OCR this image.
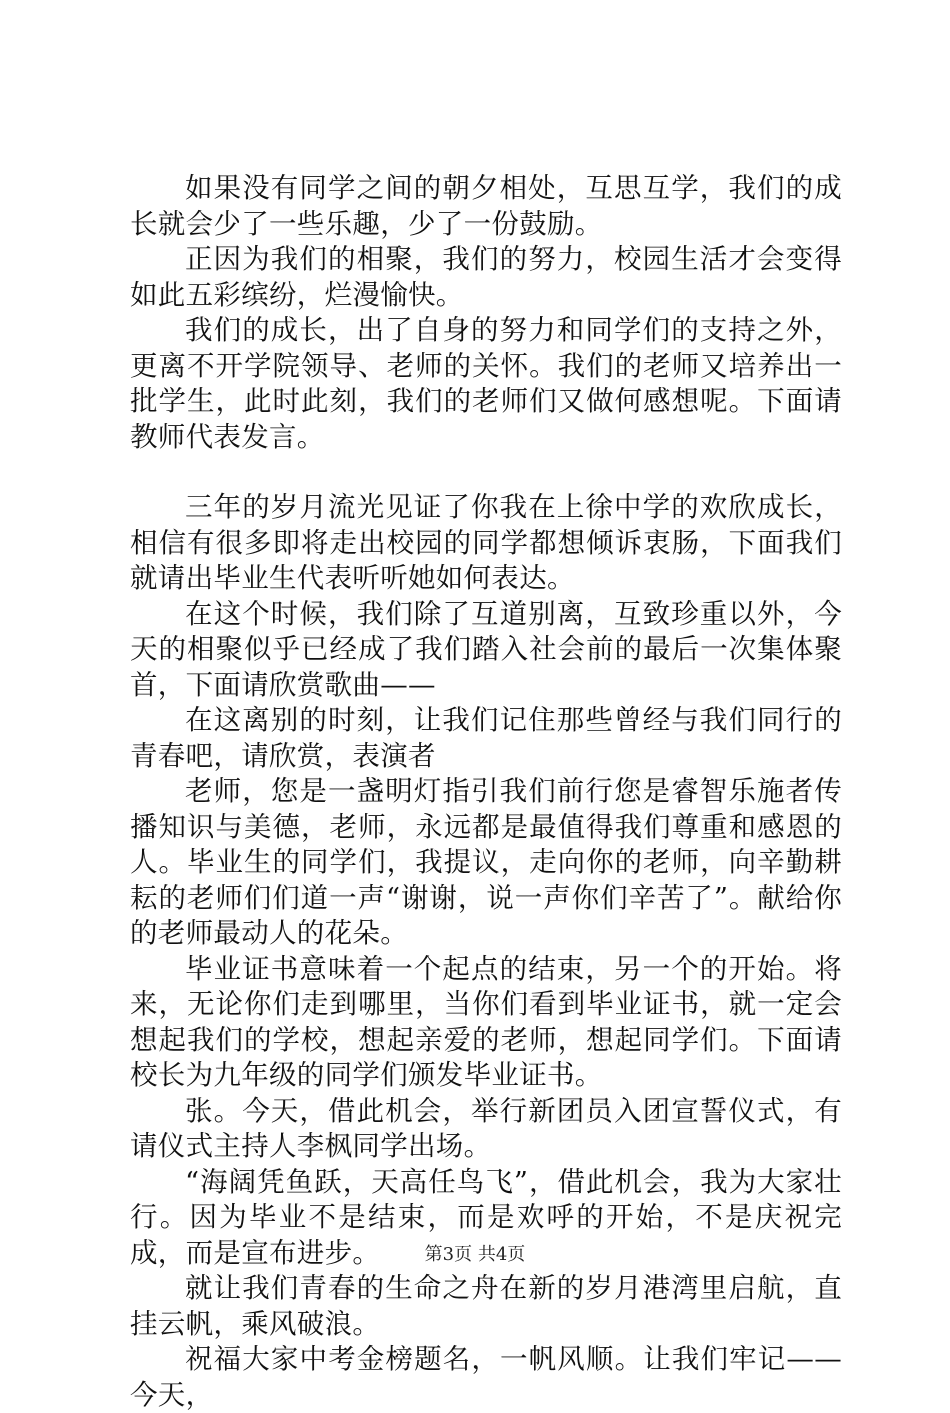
如果没有同学之间的朝夕相处，互思互学，我们的成长就会少了一些乐趣，少了一份鼓励。

正因为我们的相聚，我们的努力，校园生活才会变得如此五彩缤纷，烂漫愉快。

我们的成长，出了自身的努力和同学们的支持之外，更离不开学院领导、老师的关怀。我们的老师又培养出一批学生，此时此刻，我们的老师们又做何感想呢。下面请教师代表发言。

三年的岁月流光见证了你我在上徐中学的欢欣成长，相信有很多即将走出校园的同学都想倾诉衷肠，下面我们就请出毕业生代表听听她如何表达。

在这个时候，我们除了互道别离，互致珍重以外，今天的相聚似乎已经成了我们踏入社会前的最后一次集体聚首，下面请欣赏歌曲——

在这离别的时刻，让我们记住那些曾经与我们同行的青春吧，请欣赏，表演者

老师，您是一盏明灯指引我们前行您是睿智乐施者传播知识与美德，老师，永远都是最值得我们尊重和感恩的人。毕业生的同学们，我提议，走向你的老师，向辛勤耕耘的老师们们道一声“谢谢，说一声你们辛苦了”。献给你的老师最动人的花朵。

毕业证书意味着一个起点的结束，另一个的开始。将来，无论你们走到哪里，当你们看到毕业证书，就一定会想起我们的学校，想起亲爱的老师，想起同学们。下面请校长为九年级的同学们颁发毕业证书。

张。今天，借此机会，举行新团员入团宣誓仪式，有请仪式主持人李枫同学出场。

“海阔凭鱼跃，天高任鸟飞”，借此机会，我为大家壮行。因为毕业不是结束，而是欢呼的开始，不是庆祝完成，而是宣布进步。

就让我们青春的生命之舟在新的岁月港湾里启航，直挂云帆，乘风破浪。

祝福大家中考金榜题名，一帆风顺。让我们牢记——今天，

第3页 共4页
